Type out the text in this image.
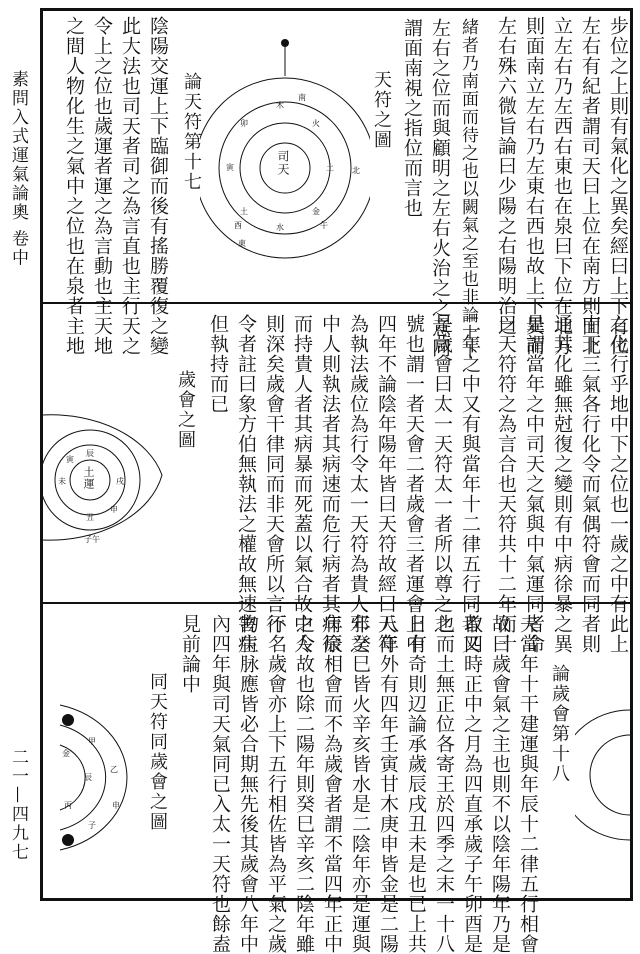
素問入式運氣論奧 卷中
二一—四九七
步位之上則有氣化之異矣經曰上下有位
左右有紀者謂司天曰上位在南方則面北
立左右乃左西右東也在泉曰下位在北方
則面南立左右乃左東右西也故上下異而
左右殊六微旨論曰少陽之右陽明治之
緒者乃南面而待之也以闕氣之至也非論上下
左右之位而與顧明之左右火治之之意同
謂面南視之指位而言也
天符之圖
司天
木
火
土
金
水
土
寅
卯
午
酉
北
南
東
論天符第十七
陰陽交運上下臨御而後有搖勝覆復之變
此大法也司天者司之為言直也主行天之
令上之位也歲運者運之為言動也主天地
之間人物化生之氣中之位也在泉者主地
之化行乎地中下之位也一歲之中有此上
中下三氣各行化令而氣偶符會而同者則
通其化雖無尅復之變則有中病徐暴之異
是謂當年之中司天之氣與中氣運同者命
曰天符符之為言合也天符共十二年而十
二年之中又有與當年十二律五行同者又
是歲會曰太一天符太一者所以尊之之
號也謂一者天會二者歲會三者運會上中
四年不論陰年陽年皆曰天符故經曰天符
為執法歲位為行令太一天符為貴人邪之
中人則執法者其病速而危行病者其病徐
而持貴人者其病暴而死蓋以氣合故中人
則深矣歲會干律同而非天會所以言行
令者註曰象方伯無執法之權故無速害病
但執持而已
歲會之圖
土運
辰
戌
丑
未
寅
申
子午
論歲會第十八
夫當年十干建運與年辰十二律五行相會
故曰歲會氣之主也則不以陰年陽年乃是
取四時正中之月為四直承歲子午卯酉是
也而土無正位各寄王於四季之末一十八
日有奇則辺論承歲辰戌丑未是也已上共
八年外有四年壬寅甘木庚申皆金是二陽
年癸巳皆火辛亥皆水是二陰年亦是運與
年辰相會而不為歲會者謂不當四年正中
之令故也除二陽年則癸巳辛亥二陰年雖
不名歲會亦上下五行相佐皆為平氣之歲
物生脉應皆必合期無先後其歲會八年中
內四年與司天氣同已入太一天符也餘盍
見前論中
同天符同歲會之圖
金
甲
辰
乙
丙	申
子
